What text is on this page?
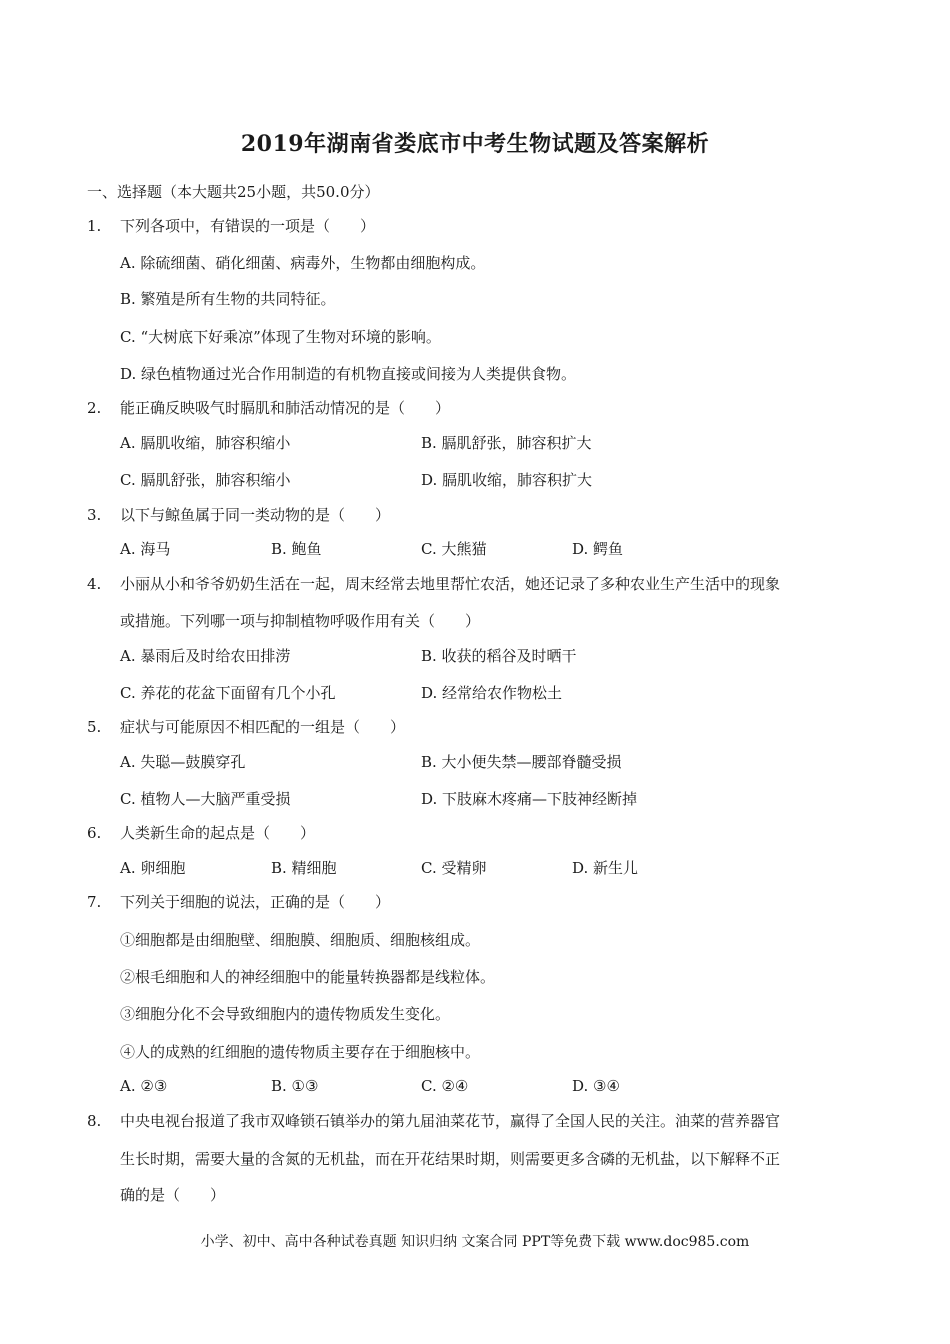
2019年湖南省娄底市中考生物试题及答案解析
一、选择题（本大题共25小题，共50.0分）
1. 下列各项中，有错误的一项是（　　）
A. 除硫细菌、硝化细菌、病毒外，生物都由细胞构成。
B. 繁殖是所有生物的共同特征。
C. “大树底下好乘凉”体现了生物对环境的影响。
D. 绿色植物通过光合作用制造的有机物直接或间接为人类提供食物。
2. 能正确反映吸气时膈肌和肺活动情况的是（　　）
A. 膈肌收缩，肺容积缩小	B. 膈肌舒张，肺容积扩大
C. 膈肌舒张，肺容积缩小	D. 膈肌收缩，肺容积扩大
3. 以下与鲸鱼属于同一类动物的是（　　）
A. 海马	B. 鲍鱼	C. 大熊猫	D. 鳄鱼
4. 小丽从小和爷爷奶奶生活在一起，周末经常去地里帮忙农活，她还记录了多种农业生产生活中的现象
或措施。下列哪一项与抑制植物呼吸作用有关（　　）
A. 暴雨后及时给农田排涝	B. 收获的稻谷及时晒干
C. 养花的花盆下面留有几个小孔	D. 经常给农作物松土
5. 症状与可能原因不相匹配的一组是（　　）
A. 失聪—鼓膜穿孔	B. 大小便失禁—腰部脊髓受损
C. 植物人—大脑严重受损	D. 下肢麻木疼痛—下肢神经断掉
6. 人类新生命的起点是（　　）
A. 卵细胞	B. 精细胞	C. 受精卵	D. 新生儿
7. 下列关于细胞的说法，正确的是（　　）
①细胞都是由细胞壁、细胞膜、细胞质、细胞核组成。
②根毛细胞和人的神经细胞中的能量转换器都是线粒体。
③细胞分化不会导致细胞内的遗传物质发生变化。
④人的成熟的红细胞的遗传物质主要存在于细胞核中。
A. ②③	B. ①③	C. ②④	D. ③④
8. 中央电视台报道了我市双峰锁石镇举办的第九届油菜花节，赢得了全国人民的关注。油菜的营养器官
生长时期，需要大量的含氮的无机盐，而在开花结果时期，则需要更多含磷的无机盐，以下解释不正
确的是（　　）
小学、初中、高中各种试卷真题 知识归纳 文案合同 PPT等免费下载 www.doc985.com
